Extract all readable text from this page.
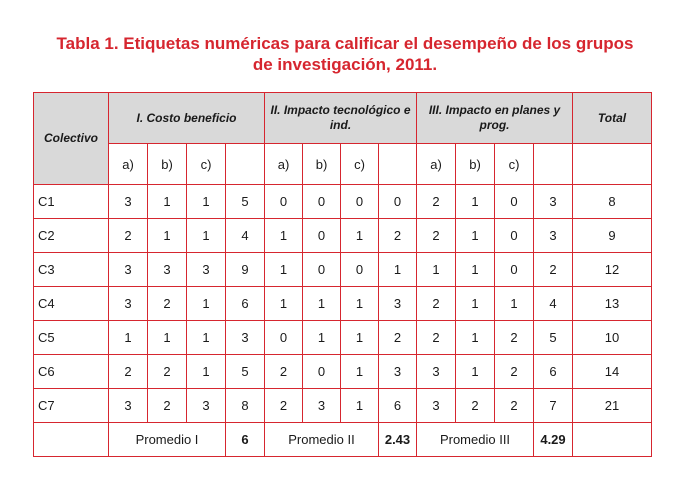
Tabla 1. Etiquetas numéricas para calificar el desempeño de los grupos
de investigación, 2011.
Colectivo	I. Costo beneficio				II. Impacto tecnológico e ind.				III. Impacto en planes y prog.				Total
	a)	b)	c)		a)	b)	c)		a)	b)	c)		
C1	3	1	1	5	0	0	0	0	2	1	0	3	8
C2	2	1	1	4	1	0	1	2	2	1	0	3	9
C3	3	3	3	9	1	0	0	1	1	1	0	2	12
C4	3	2	1	6	1	1	1	3	2	1	1	4	13
C5	1	1	1	3	0	1	1	2	2	1	2	5	10
C6	2	2	1	5	2	0	1	3	3	1	2	6	14
C7	3	2	3	8	2	3	1	6	3	2	2	7	21
	Promedio I			6	Promedio II			2.43	Promedio III			4.29	
